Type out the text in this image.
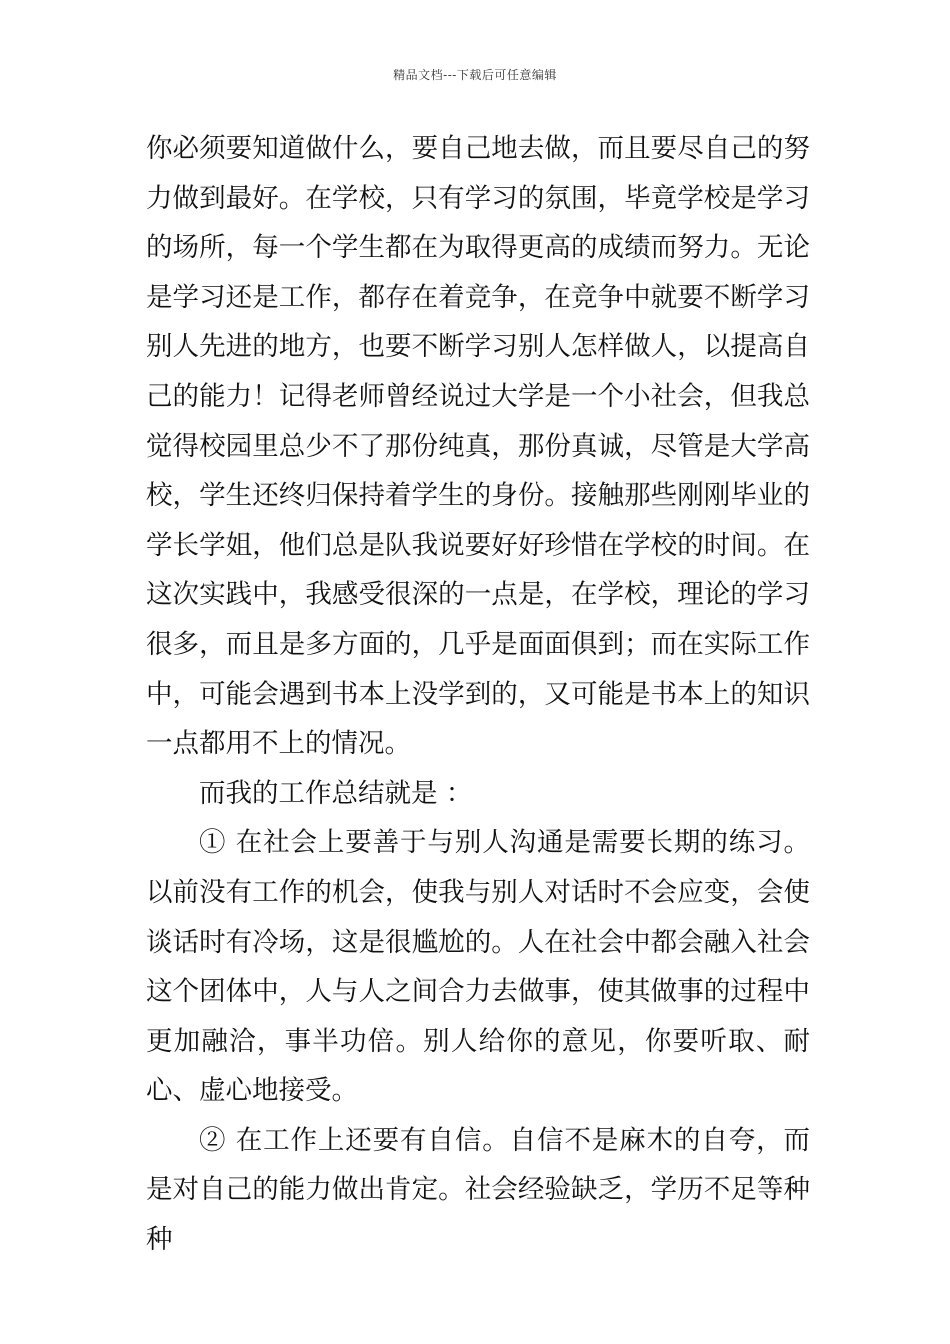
精品文档---下载后可任意编辑

你必须要知道做什么，要自己地去做，而且要尽自己的努力做到最好。在学校，只有学习的氛围，毕竟学校是学习的场所，每一个学生都在为取得更高的成绩而努力。无论是学习还是工作，都存在着竞争，在竞争中就要不断学习别人先进的地方，也要不断学习别人怎样做人，以提高自己的能力！记得老师曾经说过大学是一个小社会，但我总觉得校园里总少不了那份纯真，那份真诚，尽管是大学高校，学生还终归保持着学生的身份。接触那些刚刚毕业的学长学姐，他们总是队我说要好好珍惜在学校的时间。在这次实践中，我感受很深的一点是，在学校，理论的学习很多，而且是多方面的，几乎是面面俱到；而在实际工作中，可能会遇到书本上没学到的，又可能是书本上的知识一点都用不上的情况。

而我的工作总结就是 ：

① 在社会上要善于与别人沟通是需要长期的练习。以前没有工作的机会，使我与别人对话时不会应变，会使谈话时有冷场，这是很尴尬的。人在社会中都会融入社会这个团体中，人与人之间合力去做事，使其做事的过程中更加融洽，事半功倍。别人给你的意见，你要听取、耐心、虚心地接受。

② 在工作上还要有自信。自信不是麻木的自夸，而是对自己的能力做出肯定。社会经验缺乏，学历不足等种种
